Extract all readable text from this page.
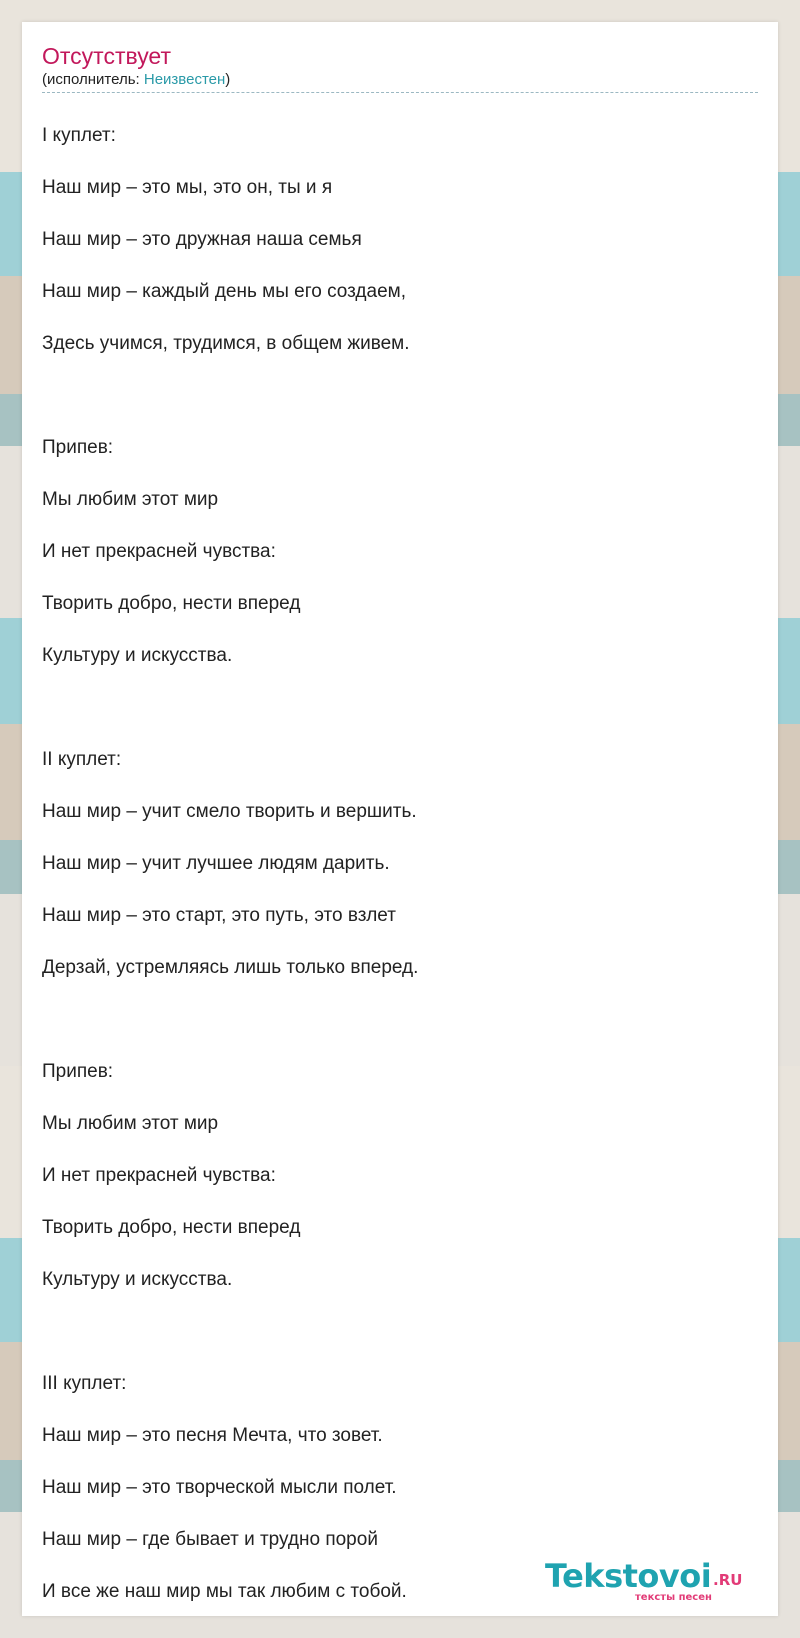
Отсутствует
(исполнитель: Неизвестен)
I куплет:
Наш мир – это мы, это он, ты и я
Наш мир – это дружная наша семья
Наш мир – каждый день мы его создаем,
Здесь учимся, трудимся, в общем живем.
Припев:
Мы любим этот мир
И нет прекрасней чувства:
Творить добро, нести вперед
Культуру и искусства.
II куплет:
Наш мир – учит смело творить и вершить.
Наш мир – учит лучшее людям дарить.
Наш мир – это старт, это путь, это взлет
Дерзай, устремляясь лишь только вперед.
Припев:
Мы любим этот мир
И нет прекрасней чувства:
Творить добро, нести вперед
Культуру и искусства.
III куплет:
Наш мир – это песня Мечта, что зовет.
Наш мир – это творческой мысли полет.
Наш мир – где бывает и трудно порой
И все же наш мир мы так любим с тобой.	Tekstovoi .RU
тексты песен
